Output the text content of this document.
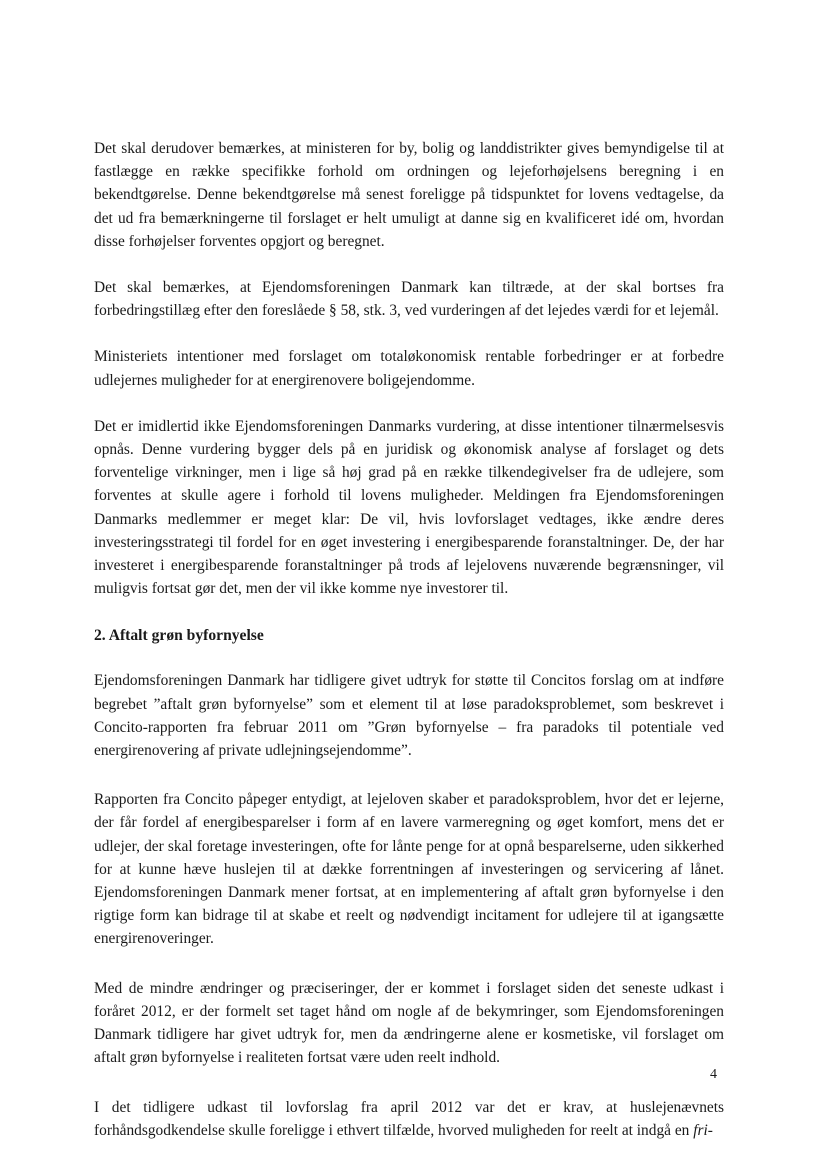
Det skal derudover bemærkes, at ministeren for by, bolig og landdistrikter gives bemyndigelse til at fastlægge en række specifikke forhold om ordningen og lejeforhøjelsens beregning i en bekendtgørelse. Denne bekendtgørelse må senest foreligge på tidspunktet for lovens vedtagelse, da det ud fra bemærkningerne til forslaget er helt umuligt at danne sig en kvalificeret idé om, hvordan disse forhøjelser forventes opgjort og beregnet.

Det skal bemærkes, at Ejendomsforeningen Danmark kan tiltræde, at der skal bortses fra forbedringstillæg efter den foreslåede § 58, stk. 3, ved vurderingen af det lejedes værdi for et lejemål.

Ministeriets intentioner med forslaget om totaløkonomisk rentable forbedringer er at forbedre udlejernes muligheder for at energirenovere boligejendomme.

Det er imidlertid ikke Ejendomsforeningen Danmarks vurdering, at disse intentioner tilnærmelsesvis opnås. Denne vurdering bygger dels på en juridisk og økonomisk analyse af forslaget og dets forventelige virkninger, men i lige så høj grad på en række tilkendegivelser fra de udlejere, som forventes at skulle agere i forhold til lovens muligheder. Meldingen fra Ejendomsforeningen Danmarks medlemmer er meget klar: De vil, hvis lovforslaget vedtages, ikke ændre deres investeringsstrategi til fordel for en øget investering i energibesparende foranstaltninger. De, der har investeret i energibesparende foranstaltninger på trods af lejelovens nuværende begrænsninger, vil muligvis fortsat gør det, men der vil ikke komme nye investorer til.

2. Aftalt grøn byfornyelse

Ejendomsforeningen Danmark har tidligere givet udtryk for støtte til Concitos forslag om at indføre begrebet ”aftalt grøn byfornyelse” som et element til at løse paradoksproblemet, som beskrevet i Concito-rapporten fra februar 2011 om ”Grøn byfornyelse – fra paradoks til potentiale ved energirenovering af private udlejningsejendomme”.

Rapporten fra Concito påpeger entydigt, at lejeloven skaber et paradoksproblem, hvor det er lejerne, der får fordel af energibesparelser i form af en lavere varmeregning og øget komfort, mens det er udlejer, der skal foretage investeringen, ofte for lånte penge for at opnå besparelserne, uden sikkerhed for at kunne hæve huslejen til at dække forrentningen af investeringen og servicering af lånet. Ejendomsforeningen Danmark mener fortsat, at en implementering af aftalt grøn byfornyelse i den rigtige form kan bidrage til at skabe et reelt og nødvendigt incitament for udlejere til at igangsætte energirenoveringer.

Med de mindre ændringer og præciseringer, der er kommet i forslaget siden det seneste udkast i foråret 2012, er der formelt set taget hånd om nogle af de bekymringer, som Ejendomsforeningen Danmark tidligere har givet udtryk for, men da ændringerne alene er kosmetiske, vil forslaget om aftalt grøn byfornyelse i realiteten fortsat være uden reelt indhold.

I det tidligere udkast til lovforslag fra april 2012 var det er krav, at huslejenævnets forhåndsgodkendelse skulle foreligge i ethvert tilfælde, hvorved muligheden for reelt at indgå en fri-

4
